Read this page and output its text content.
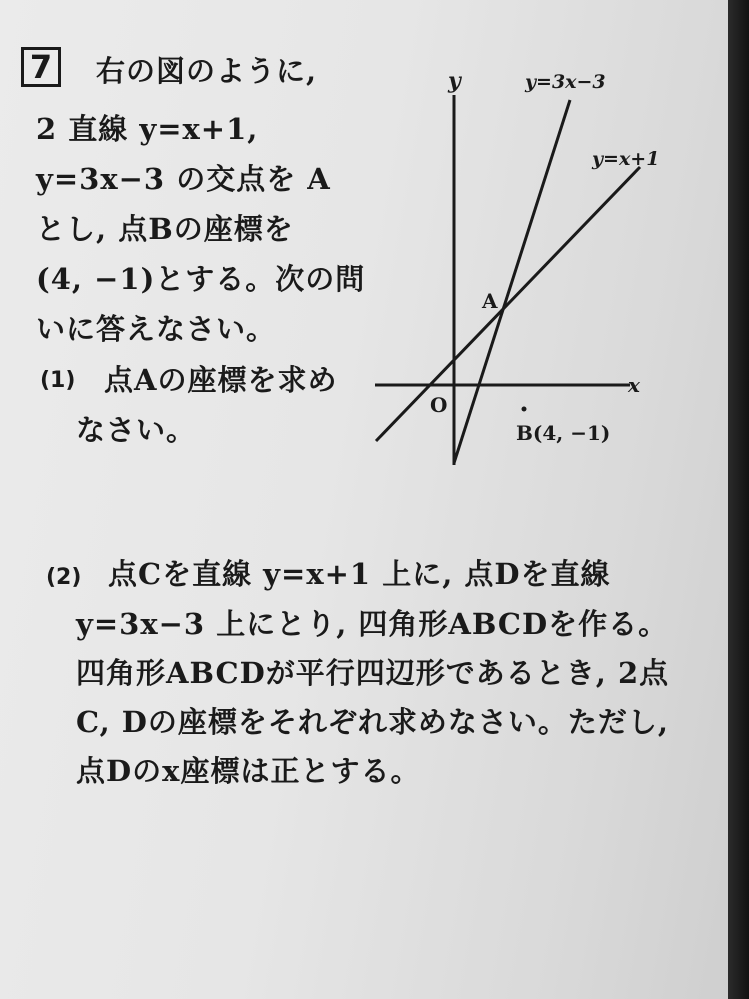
7	右の図のように,
2 直線 y=x+1,
y=3x−3 の交点を A
とし, 点Bの座標を
(4, −1)とする。次の問
いに答えなさい。
(1) 点Aの座標を求め
なさい。
y
x
O
y=3x−3
y=x+1
A
B(4, −1)
(2) 点Cを直線 y=x+1 上に, 点Dを直線
y=3x−3 上にとり, 四角形ABCDを作る。
四角形ABCDが平行四辺形であるとき, 2点
C, Dの座標をそれぞれ求めなさい。ただし,
点Dのx座標は正とする。
